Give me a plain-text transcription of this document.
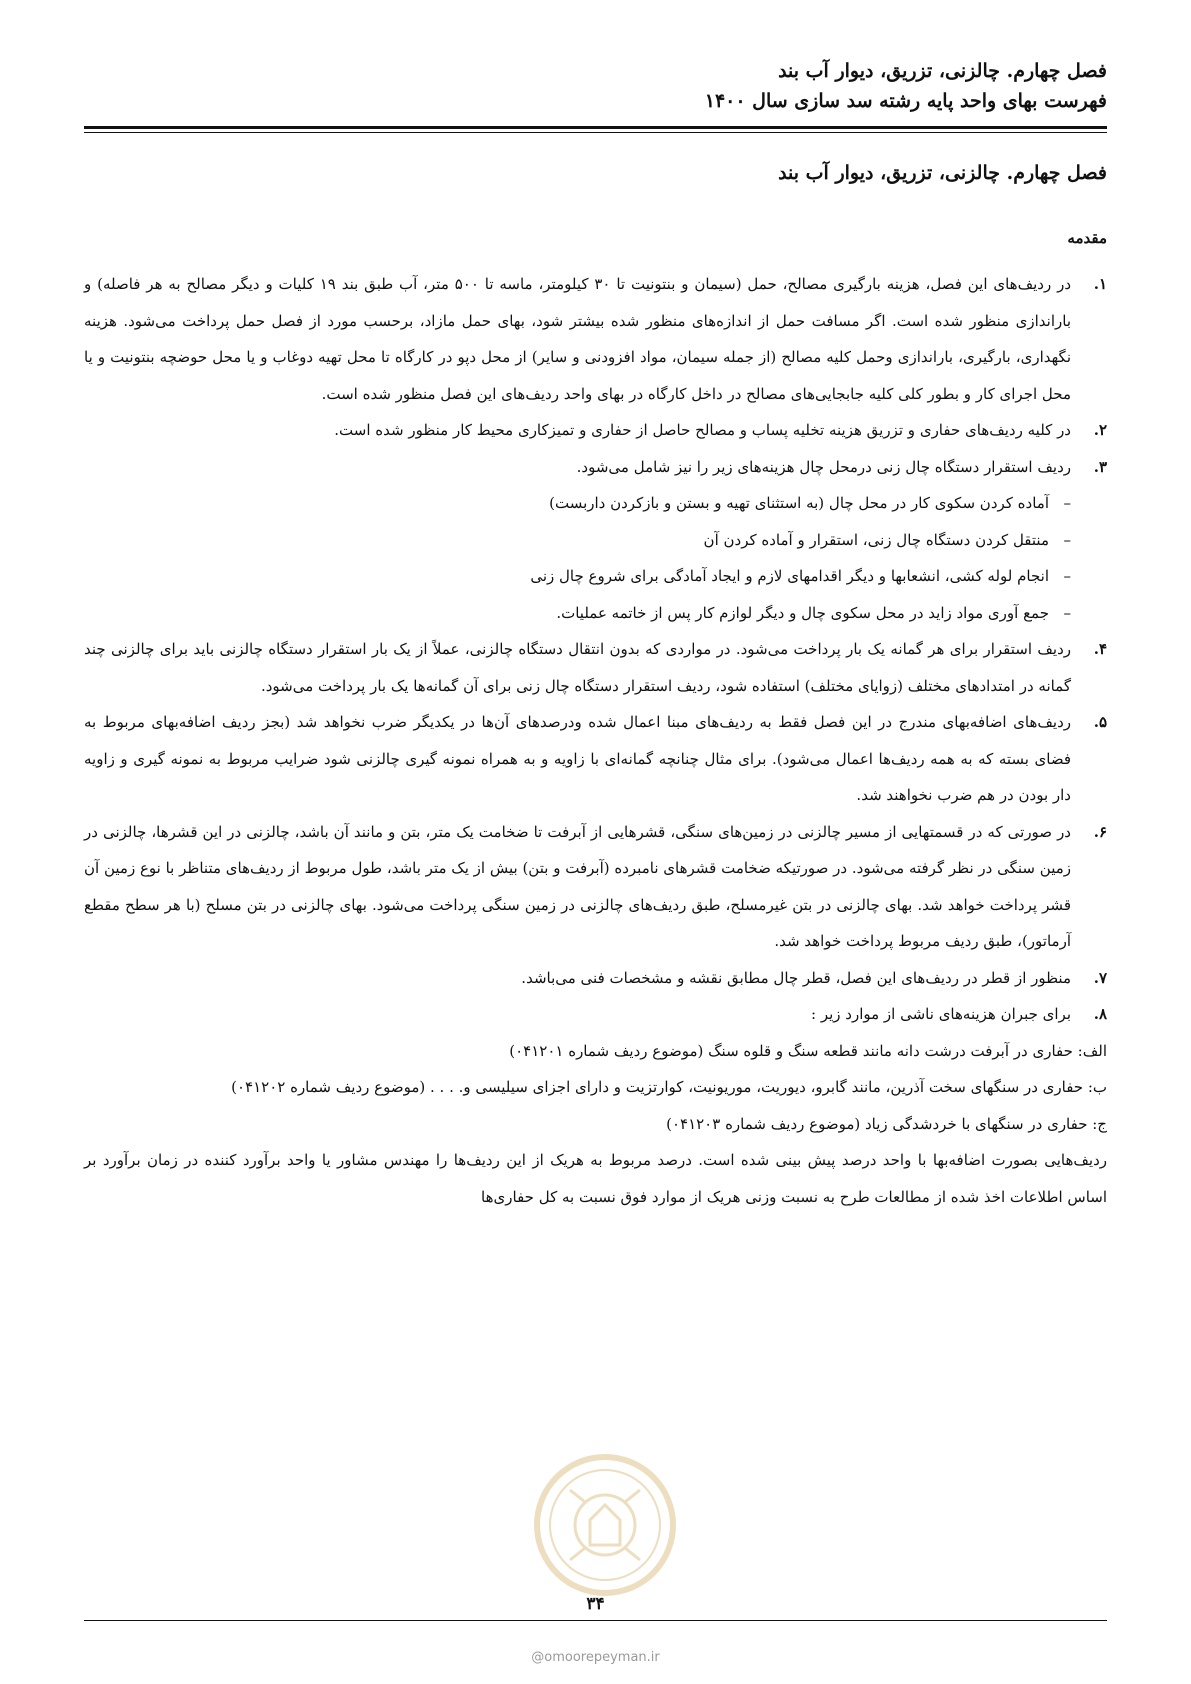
فصل چهارم. چالزنی، تزریق، دیوار آب بند
فهرست بهای واحد پایه رشته سد سازی سال ۱۴۰۰
فصل چهارم. چالزنی، تزریق، دیوار آب بند
مقدمه
۱.
در ردیف‌های این فصل، هزینه بارگیری مصالح، حمل (سیمان و بنتونیت تا ۳۰ کیلومتر، ماسه تا ۵۰۰ متر، آب طبق بند ۱۹ کلیات و دیگر مصالح به هر فاصله) و باراندازی منظور شده است. اگر مسافت حمل از اندازه‌های منظور شده بیشتر شود، بهای حمل مازاد، برحسب مورد از فصل حمل پرداخت می‌شود. هزینه نگهداری، بارگیری، باراندازی وحمل کلیه مصالح (از جمله سیمان، مواد افزودنی و سایر) از محل دپو در کارگاه تا محل تهیه دوغاب و یا محل حوضچه بنتونیت و یا محل اجرای کار و بطور کلی کلیه جابجایی‌های مصالح در داخل کارگاه در بهای واحد ردیف‌های این فصل منظور شده است.
۲.
در کلیه ردیف‌های حفاری و تزریق هزینه تخلیه پساب و مصالح حاصل از حفاری و تمیزکاری محیط کار منظور شده است.
۳.
ردیف استقرار دستگاه چال زنی درمحل چال هزینه‌های زیر را نیز شامل می‌شود.
–
آماده کردن سکوی کار در محل چال (به استثنای تهیه و بستن و بازکردن داربست)
–
منتقل کردن دستگاه چال زنی، استقرار و آماده کردن آن
–
انجام لوله کشی، انشعابها و دیگر اقدامهای لازم و ایجاد آمادگی برای شروع چال زنی
–
جمع آوری مواد زاید در محل سکوی چال و دیگر لوازم کار پس از خاتمه عملیات.
۴.
ردیف استقرار برای هر گمانه یک بار پرداخت می‌شود. در مواردی که بدون انتقال دستگاه چالزنی، عملاً از یک بار استقرار دستگاه چالزنی باید برای چالزنی چند گمانه در امتدادهای مختلف (زوایای مختلف) استفاده شود، ردیف استقرار دستگاه چال زنی برای آن گمانه‌ها یک بار پرداخت می‌شود.
۵.
ردیف‌های اضافه‌بهای مندرج در این فصل فقط به ردیف‌های مبنا اعمال شده ودرصدهای آن‌ها در یکدیگر ضرب نخواهد شد (بجز ردیف اضافه‌بهای مربوط به فضای بسته که به همه ردیف‌ها اعمال می‌شود). برای مثال چنانچه گمانه‌ای با زاویه و به همراه نمونه گیری چالزنی شود ضرایب مربوط به نمونه گیری و زاویه دار بودن در هم ضرب نخواهند شد.
۶.
در صورتی که در قسمتهایی از مسیر چالزنی در زمین‌های سنگی، قشرهایی از آبرفت تا ضخامت یک متر، بتن و مانند آن باشد، چالزنی در این قشرها، چالزنی در زمین سنگی در نظر گرفته می‌شود. در صورتیکه ضخامت قشرهای نامبرده (آبرفت و بتن) بیش از یک متر باشد، طول مربوط از ردیف‌های متناظر با نوع زمین آن قشر پرداخت خواهد شد. بهای چالزنی در بتن غیرمسلح، طبق ردیف‌های چالزنی در زمین سنگی پرداخت می‌شود. بهای چالزنی در بتن مسلح (با هر سطح مقطع آرماتور)، طبق ردیف مربوط پرداخت خواهد شد.
۷.
منظور از قطر در ردیف‌های این فصل، قطر چال مطابق نقشه و مشخصات فنی می‌باشد.
۸.
برای جبران هزینه‌های ناشی از موارد زیر :
الف: حفاری در آبرفت درشت دانه مانند قطعه سنگ و قلوه سنگ (موضوع ردیف شماره ۰۴۱۲۰۱)
ب: حفاری در سنگهای سخت آذرین، مانند گابرو، دیوریت، موریونیت، کوارتزیت و دارای اجزای سیلیسی و. . . . (موضوع ردیف شماره ۰۴۱۲۰۲)
ج: حفاری در سنگهای با خردشدگی زیاد (موضوع ردیف شماره ۰۴۱۲۰۳)
ردیف‌هایی بصورت اضافه‌بها با واحد درصد پیش بینی شده است. درصد مربوط به هریک از این ردیف‌ها را مهندس مشاور یا واحد برآورد کننده در زمان برآورد بر اساس اطلاعات اخذ شده از مطالعات طرح به نسبت وزنی هریک از موارد فوق نسبت به کل حفاری‌ها
۳۴
@omoorepeyman.ir
